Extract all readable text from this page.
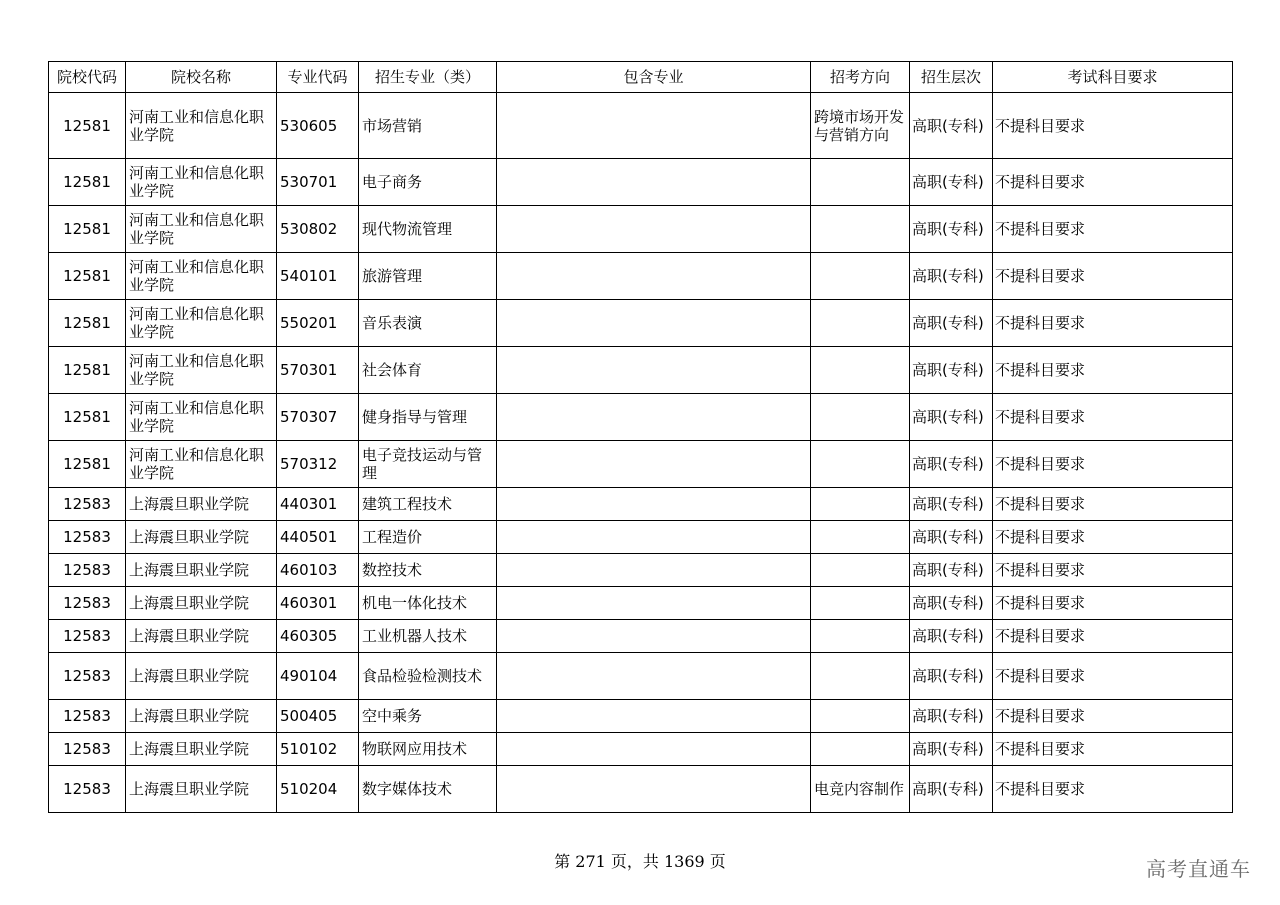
院校代码	院校名称	专业代码	招生专业（类）	包含专业	招考方向	招生层次	考试科目要求
12581	河南工业和信息化职业学院	530605	市场营销		跨境市场开发与营销方向	高职(专科)	不提科目要求
12581	河南工业和信息化职业学院	530701	电子商务			高职(专科)	不提科目要求
12581	河南工业和信息化职业学院	530802	现代物流管理			高职(专科)	不提科目要求
12581	河南工业和信息化职业学院	540101	旅游管理			高职(专科)	不提科目要求
12581	河南工业和信息化职业学院	550201	音乐表演			高职(专科)	不提科目要求
12581	河南工业和信息化职业学院	570301	社会体育			高职(专科)	不提科目要求
12581	河南工业和信息化职业学院	570307	健身指导与管理			高职(专科)	不提科目要求
12581	河南工业和信息化职业学院	570312	电子竞技运动与管理			高职(专科)	不提科目要求
12583	上海震旦职业学院	440301	建筑工程技术			高职(专科)	不提科目要求
12583	上海震旦职业学院	440501	工程造价			高职(专科)	不提科目要求
12583	上海震旦职业学院	460103	数控技术			高职(专科)	不提科目要求
12583	上海震旦职业学院	460301	机电一体化技术			高职(专科)	不提科目要求
12583	上海震旦职业学院	460305	工业机器人技术			高职(专科)	不提科目要求
12583	上海震旦职业学院	490104	食品检验检测技术			高职(专科)	不提科目要求
12583	上海震旦职业学院	500405	空中乘务			高职(专科)	不提科目要求
12583	上海震旦职业学院	510102	物联网应用技术			高职(专科)	不提科目要求
12583	上海震旦职业学院	510204	数字媒体技术		电竞内容制作	高职(专科)	不提科目要求
第 271 页，共 1369 页	高考直通车
